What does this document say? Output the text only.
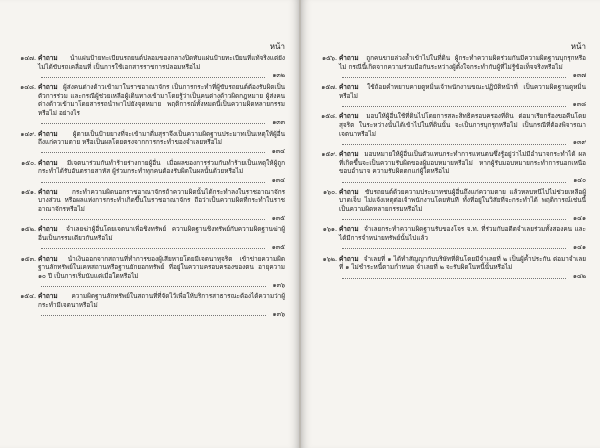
หน้า
๑๔๗. คำถาม นำแผ่นป้ายทะเบียนรถยนต์ปลอมของกลางปิดทับแผ่นป้ายทะเบียนที่แท้จริงแต่ยังไม่ได้ขับรถเคลื่อนที่ เป็นการใช้เอกสารราชการปลอมหรือไม่
๑๓๒
๑๔๘. คำถาม ผู้ส่งคนต่างด้าวเข้ามาในราชอาณาจักร เป็นการกระทำที่ผู้ขับรถยนต์ต้องรับผิดเป็นตัวการร่วม และกรณีผู้ช่วยเหลือผู้เดินทางเข้ามาโดยรู้ว่าเป็นคนต่างด้าวผิดกฎหมาย ผู้ส่งคนต่างด้าวเข้ามาโดยสารรถนำพาไปยังจุดหมาย พฤติการณ์ทั้งหมดนี้เป็นความผิดหลายกรรมหรือไม่ อย่างไร
๑๓๓
๑๔๙. คำถาม ผู้ตายเป็นป้ายยางที่จะเข้ามาดื่มสุราจึงเป็นความผิดฐานประมาทเป็นเหตุให้ผู้อื่นถึงแก่ความตาย หรือเป็นผลโดยตรงจากการกระทำของจำเลยหรือไม่
๑๓๔
๑๕๐. คำถาม มีเจตนาร่วมกันทำร้ายร่างกายผู้อื่น เมื่อผลของการร่วมกันทำร้ายเป็นเหตุให้ผู้ถูกกระทำได้รับอันตรายสาหัส ผู้ร่วมกระทำทุกคนต้องรับผิดในผลนั้นด้วยหรือไม่
๑๓๔
๑๕๑. คำถาม กระทำความผิดนอกราชอาณาจักรถ้าความผิดนั้นได้กระทำลงในราชอาณาจักรบางส่วน หรือผลแห่งการกระทำเกิดขึ้นในราชอาณาจักร ถือว่าเป็นความผิดที่กระทำในราชอาณาจักรหรือไม่
๑๓๕
๑๕๒. คำถาม จำเลยฆ่าผู้อื่นโดยเจตนาเพื่อชิงทรัพย์ ความผิดฐานชิงทรัพย์กับความผิดฐานฆ่าผู้อื่นเป็นกรรมเดียวกันหรือไม่
๑๓๕
๑๕๓. คำถาม นำเงินออกจากสถานที่ทำการของผู้เสียหายโดยมีเจตนาทุจริต เข้าข่ายความผิดฐานลักทรัพย์ในเคหสถานหรือฐานยักยอกทรัพย์ ที่อยู่ในความครอบครองของตน อายุความ ๑๐ ปี เป็นการเริ่มนับแต่เมื่อใดหรือไม่
๑๓๖
๑๕๔. คำถาม ความผิดฐานลักทรัพย์ในสถานที่ที่จัดไว้เพื่อให้บริการสาธารณะต้องได้ความว่าผู้กระทำมีเจตนาหรือไม่
๑๓๖
หน้า
๑๕๖. คำถาม ถูกคนขายล่วงล้ำเข้าไปในที่ดิน ผู้กระทำความผิดร่วมกันมีความผิดฐานบุกรุกหรือไม่ กรณีนี้เกิดจากความร่วมมือกันระหว่างผู้ตั้งใจกระทำกับผู้ที่ไม่รู้ข้อเท็จจริงหรือไม่
๑๓๗
๑๕๗. คำถาม ใช้ถ้อยคำหยาบคายดูหมิ่นเจ้าพนักงานขณะปฏิบัติหน้าที่ เป็นความผิดฐานดูหมิ่นหรือไม่
๑๓๘
๑๕๘. คำถาม มอบให้ผู้อื่นใช้ที่ดินไปโดยการสละสิทธิครอบครองที่ดิน ต่อมาเรียกร้องขอคืนโดยสุจริต ในระหว่างนั้นได้เข้าไปในที่ดินนั้น จะเป็นการบุกรุกหรือไม่ เป็นกรณีที่ต้องพิจารณาเจตนาหรือไม่
๑๓๙
๑๕๙. คำถาม มอบหมายให้ผู้อื่นเป็นตัวแทนกระทำการแทนตนซึ่งรู้อยู่ว่าไม่มีอำนาจกระทำได้ ผลที่เกิดขึ้นจะเป็นความรับผิดของผู้มอบหมายหรือไม่ หากผู้รับมอบหมายกระทำการนอกเหนือขอบอำนาจ ความรับผิดตกแก่ผู้ใดหรือไม่
๑๔๐
๑๖๐. คำถาม ขับรถยนต์ด้วยความประมาทชนผู้อื่นถึงแก่ความตาย แล้วหลบหนีไปไม่ช่วยเหลือผู้บาดเจ็บ ไม่แจ้งเหตุต่อเจ้าพนักงานโดยทันที ทั้งที่อยู่ในวิสัยที่จะกระทำได้ พฤติการณ์เช่นนี้เป็นความผิดหลายกรรมหรือไม่
๑๔๑
๑๖๑. คำถาม จำเลยกระทำความผิดฐานรับของโจร จ.ท. ที่ร่วมกับอดีตจำเลยร่วมทั้งสองคน และได้มีการจำหน่ายทรัพย์นั้นไปแล้ว
๑๔๑
๑๖๒. คำถาม จำเลยที่ ๑ ได้ทำสัญญากับบริษัทที่ดินโดยมีจำเลยที่ ๒ เป็นผู้ค้ำประกัน ต่อมาจำเลยที่ ๑ ไม่ชำระหนี้ตามกำหนด จำเลยที่ ๒ จะรับผิดในหนี้นั้นหรือไม่
๑๔๒
